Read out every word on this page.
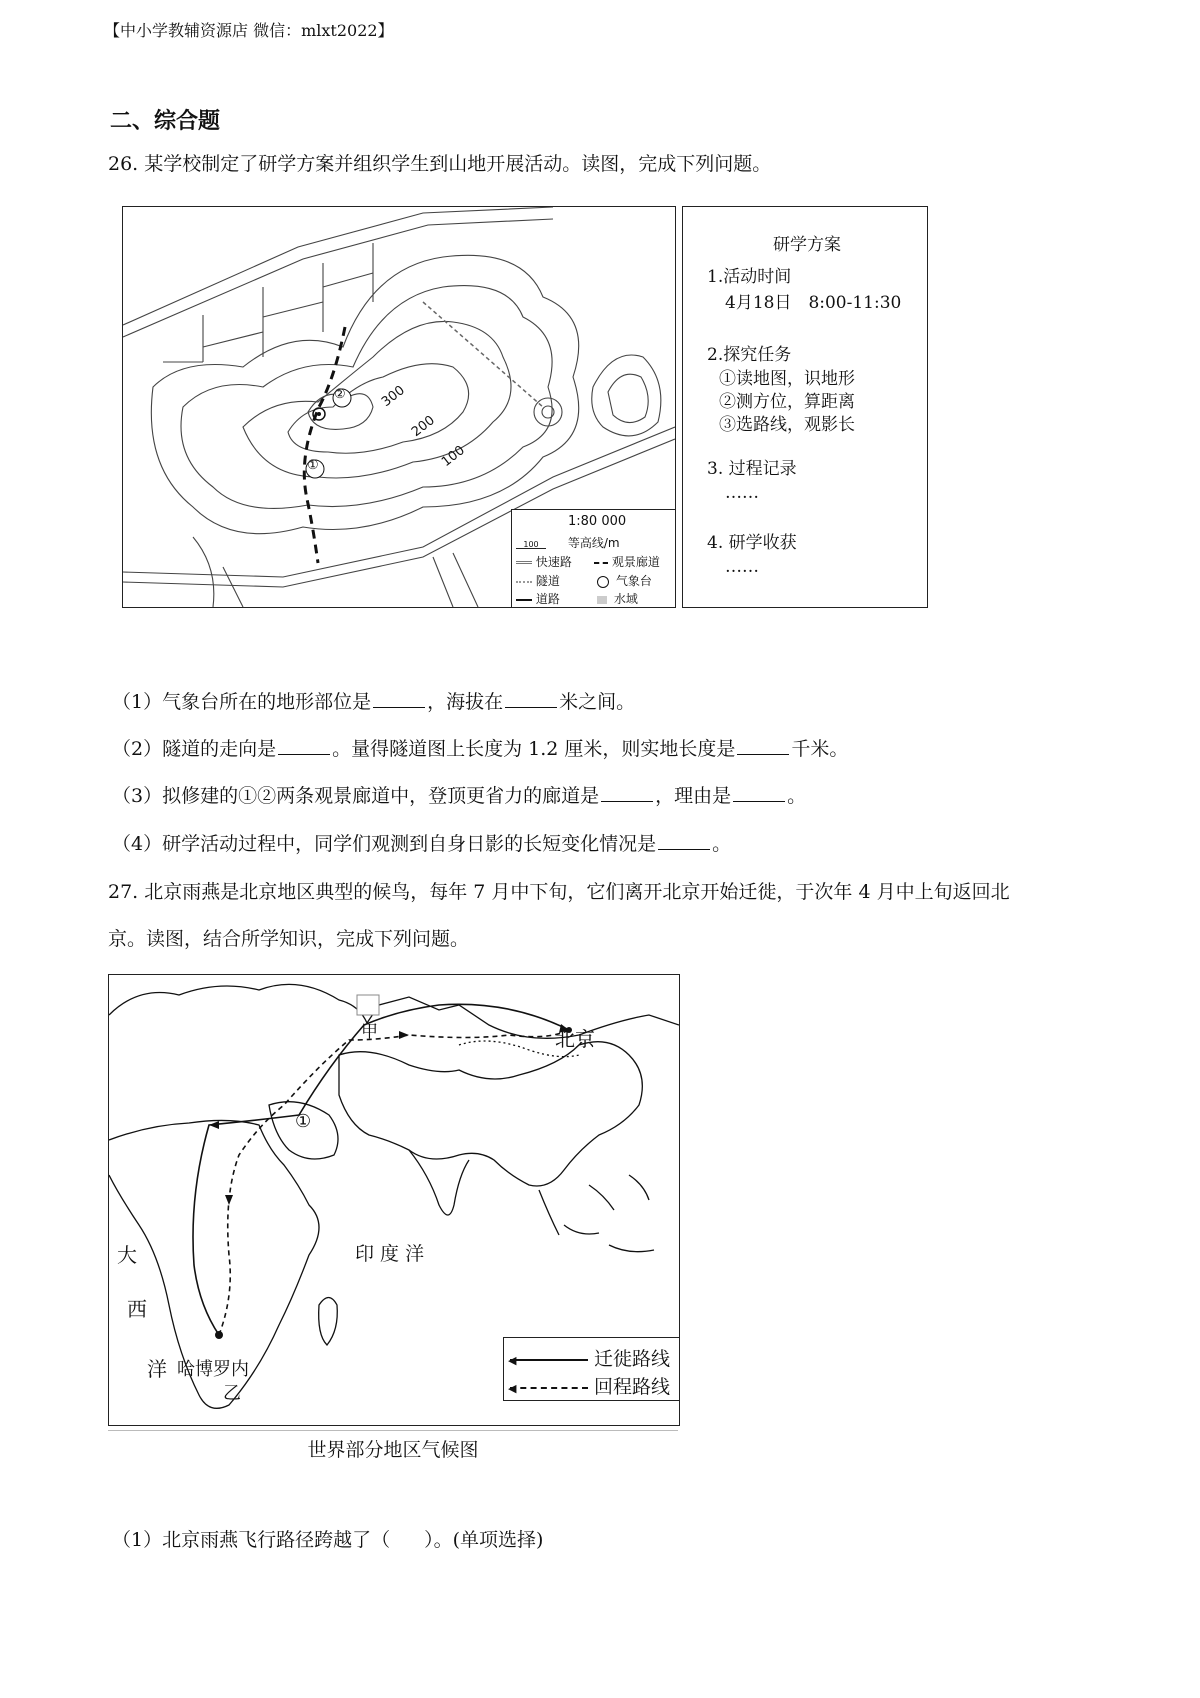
【中小学教辅资源店 微信：mlxt2022】
二、综合题
26. 某学校制定了研学方案并组织学生到山地开展活动。读图，完成下列问题。
②
①
300
200
100
1:80 000
100 等高线/m
快速路	观景廊道
隧道	气象台
道路	水域
研学方案
1.活动时间
4月18日　8:00-11:30
2.探究任务
①读地图，识地形
②测方位，算距离
③选路线，观影长
3. 过程记录
……
4. 研学收获
……
（1）气象台所在的地形部位是	，海拔在	米之间。
（2）隧道的走向是	。量得隧道图上长度为 1.2 厘米，则实地长度是	千米。
（3）拟修建的①②两条观景廊道中，登顶更省力的廊道是	，理由是	。
（4）研学活动过程中，同学们观测到自身日影的长短变化情况是	。
27. 北京雨燕是北京地区典型的候鸟，每年 7 月中下旬，它们离开北京开始迁徙，于次年 4 月中上旬返回北
京。读图，结合所学知识，完成下列问题。
北京
甲
①
印 度 洋
大
西
洋 哈博罗内
乙
◀	迁徙路线
◀	回程路线
世界部分地区气候图
（1）北京雨燕飞行路径跨越了（ ）。(单项选择)
